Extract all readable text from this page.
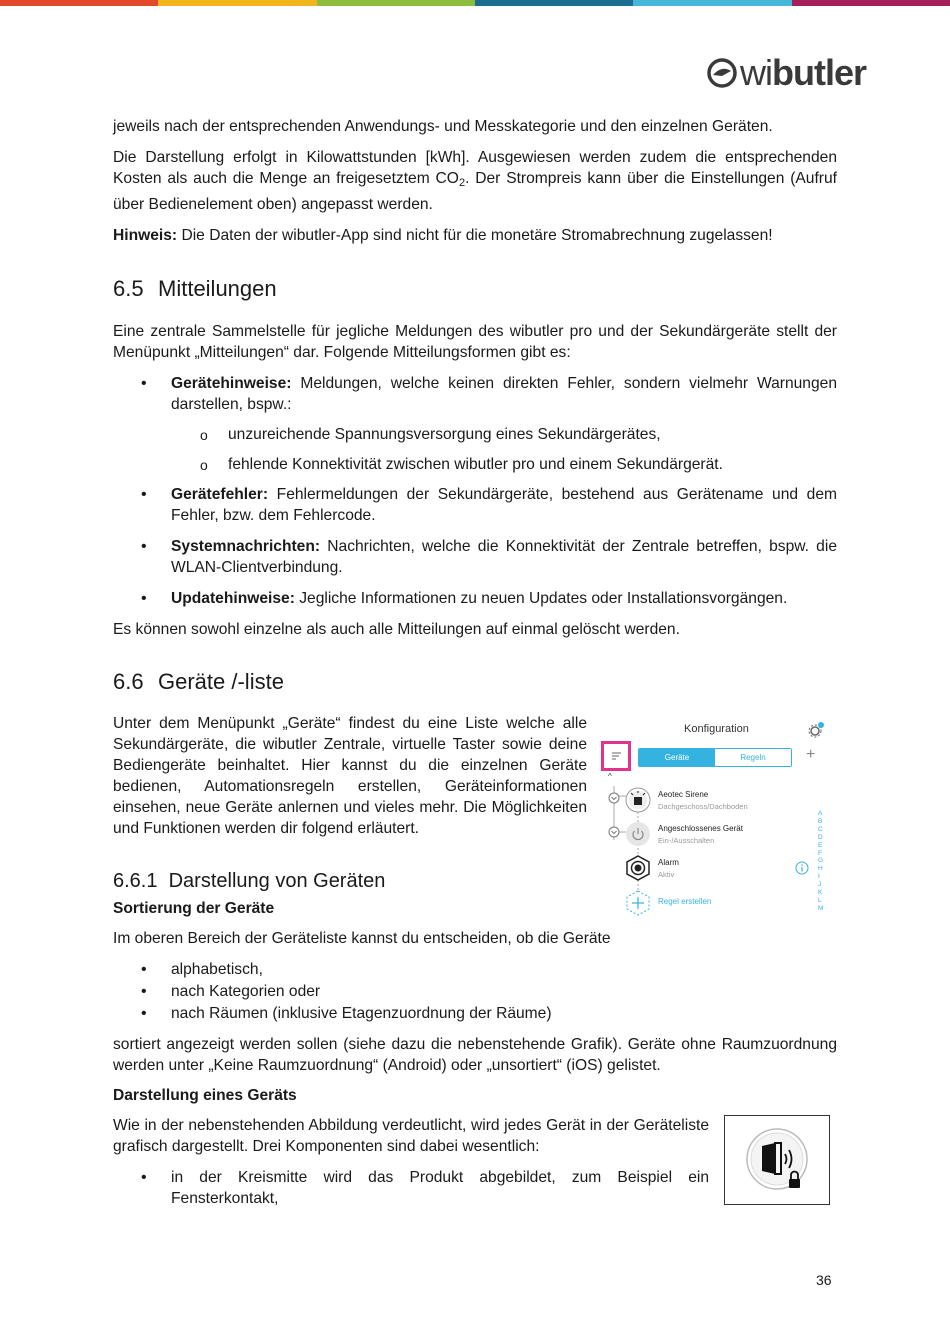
wi butler

jeweils nach der entsprechenden Anwendungs- und Messkategorie und den einzelnen Geräten.

Die Darstellung erfolgt in Kilowattstunden [kWh]. Ausgewiesen werden zudem die entsprechenden Kosten als auch die Menge an freigesetztem $CO_2$. Der Strompreis kann über die Einstellungen (Aufruf über Bedienelement oben) angepasst werden.

Hinweis: Die Daten der wibutler-App sind nicht für die monetäre Stromabrechnung zugelassen!

6.5 Mitteilungen

Eine zentrale Sammelstelle für jegliche Meldungen des wibutler pro und der Sekundärgeräte stellt der Menüpunkt „Mitteilungen“ dar. Folgende Mitteilungsformen gibt es:

• Gerätehinweise: Meldungen, welche keinen direkten Fehler, sondern vielmehr Warnungen darstellen, bspw.:
o unzureichende Spannungsversorgung eines Sekundärgerätes,
o fehlende Konnektivität zwischen wibutler pro und einem Sekundärgerät.
• Gerätefehler: Fehlermeldungen der Sekundärgeräte, bestehend aus Gerätename und dem Fehler, bzw. dem Fehlercode.
• Systemnachrichten: Nachrichten, welche die Konnektivität der Zentrale betreffen, bspw. die WLAN-Clientverbindung.
• Updatehinweise: Jegliche Informationen zu neuen Updates oder Installationsvorgängen.

Es können sowohl einzelne als auch alle Mitteilungen auf einmal gelöscht werden.

6.6 Geräte /-liste

Unter dem Menüpunkt „Geräte“ findest du eine Liste welche alle Sekundärgeräte, die wibutler Zentrale, virtuelle Taster sowie deine Bediengeräte beinhaltet. Hier kannst du die einzelnen Geräte bedienen, Automationsregeln erstellen, Geräteinformationen einsehen, neue Geräte anlernen und vieles mehr. Die Möglichkeiten und Funktionen werden dir folgend erläutert.

6.6.1 Darstellung von Geräten

Sortierung der Geräte

Im oberen Bereich der Geräteliste kannst du entscheiden, ob die Geräte

• alphabetisch,
• nach Kategorien oder
• nach Räumen (inklusive Etagenzuordnung der Räume)

sortiert angezeigt werden sollen (siehe dazu die nebenstehende Grafik). Geräte ohne Raumzuordnung werden unter „Keine Raumzuordnung“ (Android) oder „unsortiert“ (iOS) gelistet.

Darstellung eines Geräts

Wie in der nebenstehenden Abbildung verdeutlicht, wird jedes Gerät in der Geräteliste grafisch dargestellt. Drei Komponenten sind dabei wesentlich:

• in der Kreismitte wird das Produkt abgebildet, zum Beispiel ein Fensterkontakt,
Konfiguration
Geräte	Regeln	+
^
Aeotec Sirene
Dachgeschoss/Dachboden
Angeschlossenes Gerät
Ein-/Ausschalten
Alarm
Aktiv
Regel erstellen
A
B
C
D
E
F
G
H
I
J
K
L
M
36
